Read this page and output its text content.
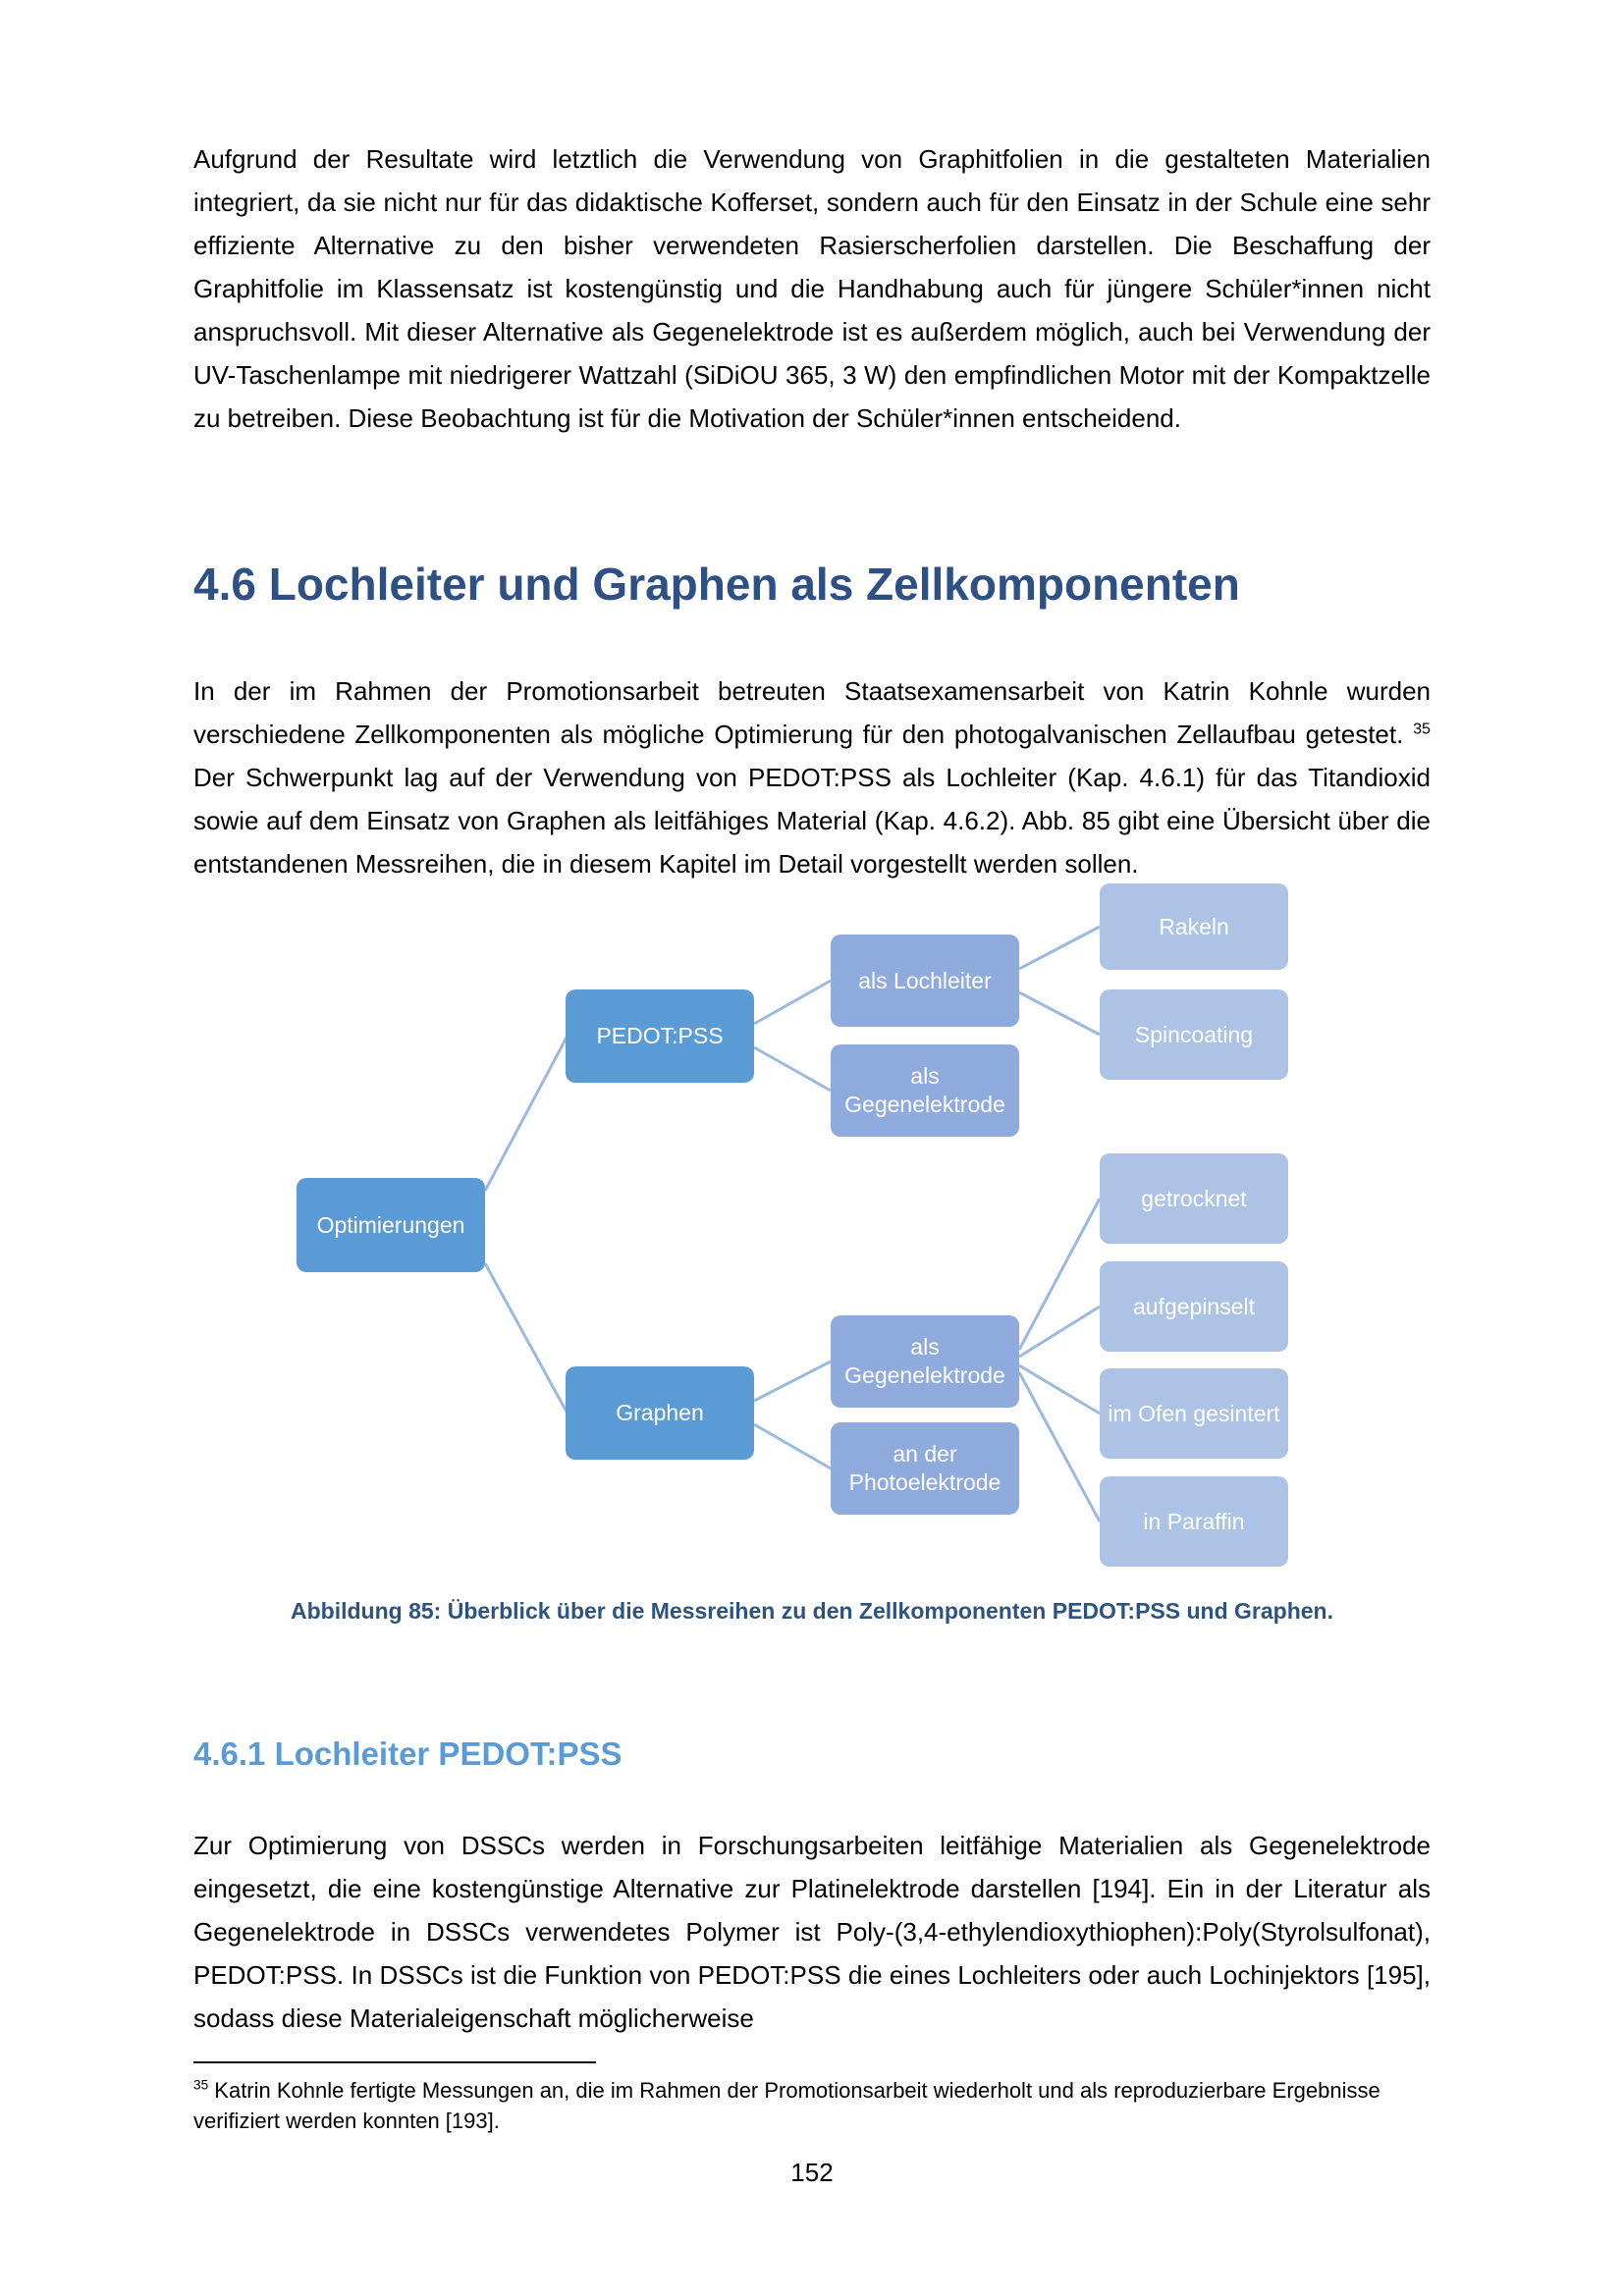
Aufgrund der Resultate wird letztlich die Verwendung von Graphitfolien in die gestalteten Materialien integriert, da sie nicht nur für das didaktische Kofferset, sondern auch für den Einsatz in der Schule eine sehr effiziente Alternative zu den bisher verwendeten Rasierscherfolien darstellen. Die Beschaffung der Graphitfolie im Klassensatz ist kostengünstig und die Handhabung auch für jüngere Schüler*innen nicht anspruchsvoll. Mit dieser Alternative als Gegenelektrode ist es außerdem möglich, auch bei Verwendung der UV-Taschenlampe mit niedrigerer Wattzahl (SiDiOU 365, 3 W) den empfindlichen Motor mit der Kompaktzelle zu betreiben. Diese Beobachtung ist für die Motivation der Schüler*innen entscheidend.

4.6 Lochleiter und Graphen als Zellkomponenten

In der im Rahmen der Promotionsarbeit betreuten Staatsexamensarbeit von Katrin Kohnle wurden verschiedene Zellkomponenten als mögliche Optimierung für den photogalvanischen Zellaufbau getestet. $^{35}$ Der Schwerpunkt lag auf der Verwendung von PEDOT:PSS als Lochleiter (Kap. 4.6.1) für das Titandioxid sowie auf dem Einsatz von Graphen als leitfähiges Material (Kap. 4.6.2). Abb. 85 gibt eine Übersicht über die entstandenen Messreihen, die in diesem Kapitel im Detail vorgestellt werden sollen.

Optimierungen
PEDOT:PSS
Graphen
als Lochleiter
als Gegenelektrode
als Gegenelektrode
an der Photoelektrode
Rakeln
Spincoating
getrocknet
aufgepinselt
im Ofen gesintert
in Paraffin

Abbildung 85: Überblick über die Messreihen zu den Zellkomponenten PEDOT:PSS und Graphen.

4.6.1 Lochleiter PEDOT:PSS

Zur Optimierung von DSSCs werden in Forschungsarbeiten leitfähige Materialien als Gegenelektrode eingesetzt, die eine kostengünstige Alternative zur Platinelektrode darstellen [194]. Ein in der Literatur als Gegenelektrode in DSSCs verwendetes Polymer ist Poly-(3,4-ethylendioxythiophen):Poly(Styrolsulfonat), PEDOT:PSS. In DSSCs ist die Funktion von PEDOT:PSS die eines Lochleiters oder auch Lochinjektors [195], sodass diese Materialeigenschaft möglicherweise

$^{35}$ Katrin Kohnle fertigte Messungen an, die im Rahmen der Promotionsarbeit wiederholt und als reproduzierbare Ergebnisse verifiziert werden konnten [193].

152
